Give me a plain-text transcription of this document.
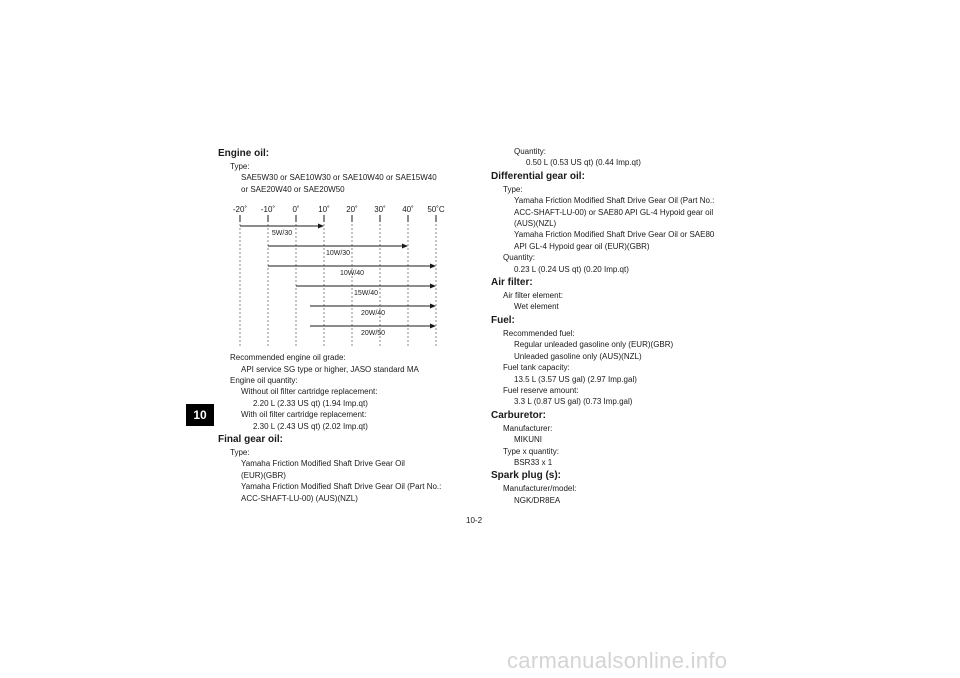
10
Engine oil:
Type:
SAE5W30 or SAE10W30 or SAE10W40 or SAE15W40
or SAE20W40 or SAE20W50
-20˚ -10˚ 0˚ 10˚ 20˚ 30˚ 40˚ 50˚C
5W/30
10W/30
10W/40
15W/40
20W/40
20W/50
Recommended engine oil grade:
API service SG type or higher, JASO standard MA
Engine oil quantity:
Without oil filter cartridge replacement:
2.20 L (2.33 US qt) (1.94 Imp.qt)
With oil filter cartridge replacement:
2.30 L (2.43 US qt) (2.02 Imp.qt)
Final gear oil:
Type:
Yamaha Friction Modified Shaft Drive Gear Oil
(EUR)(GBR)
Yamaha Friction Modified Shaft Drive Gear Oil (Part No.:
ACC-SHAFT-LU-00) (AUS)(NZL)
Quantity:
0.50 L (0.53 US qt) (0.44 Imp.qt)
Differential gear oil:
Type:
Yamaha Friction Modified Shaft Drive Gear Oil (Part No.:
ACC-SHAFT-LU-00) or SAE80 API GL-4 Hypoid gear oil
(AUS)(NZL)
Yamaha Friction Modified Shaft Drive Gear Oil or SAE80
API GL-4 Hypoid gear oil (EUR)(GBR)
Quantity:
0.23 L (0.24 US qt) (0.20 Imp.qt)
Air filter:
Air filter element:
Wet element
Fuel:
Recommended fuel:
Regular unleaded gasoline only (EUR)(GBR)
Unleaded gasoline only (AUS)(NZL)
Fuel tank capacity:
13.5 L (3.57 US gal) (2.97 Imp.gal)
Fuel reserve amount:
3.3 L (0.87 US gal) (0.73 Imp.gal)
Carburetor:
Manufacturer:
MIKUNI
Type x quantity:
BSR33 x 1
Spark plug (s):
Manufacturer/model:
NGK/DR8EA
10-2
carmanualsonline.info
